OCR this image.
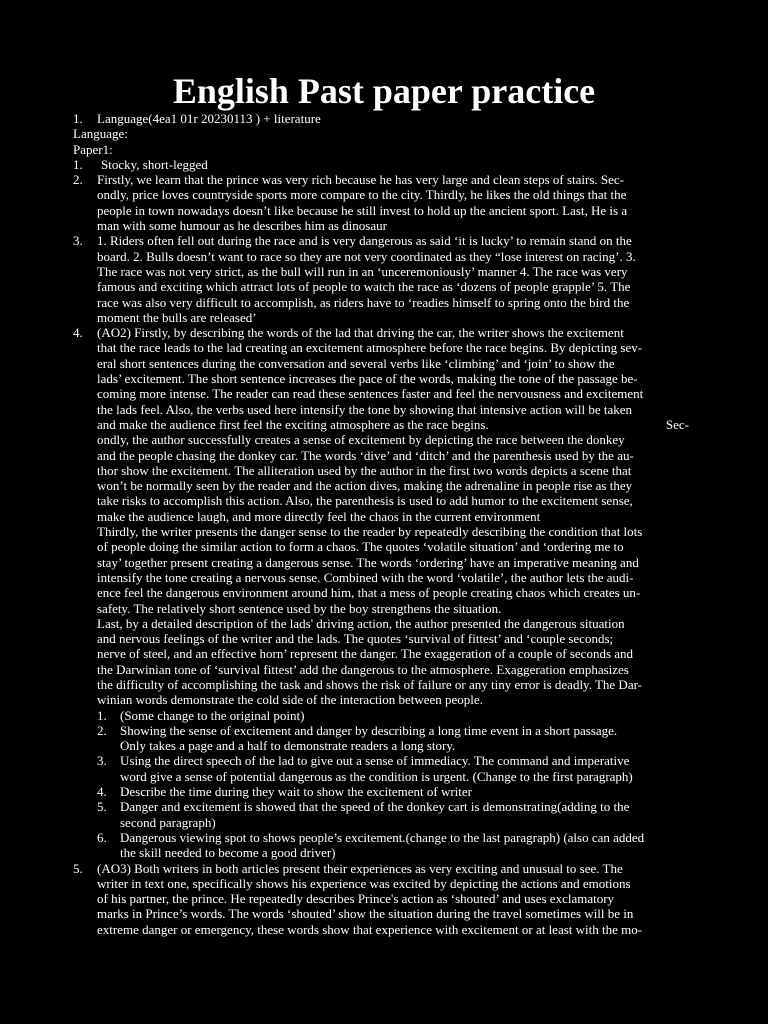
English Past paper practice
1.	Language(4ea1 01r 20230113 ) + literature
Language:
Paper1:
1.	Stocky, short-legged
2.	Firstly, we learn that the prince was very rich because he has very large and clean steps of stairs. Sec-
ondly, price loves countryside sports more compare to the city. Thirdly, he likes the old things that the
people in town nowadays doesn’t like because he still invest to hold up the ancient sport. Last, He is a
man with some humour as he describes him as dinosaur
3.	1. Riders often fell out during the race and is very dangerous as said ‘it is lucky’ to remain stand on the
board. 2. Bulls doesn’t want to race so they are not very coordinated as they “lose interest on racing’. 3.
The race was not very strict, as the bull will run in an ‘unceremoniously’ manner 4. The race was very
famous and exciting which attract lots of people to watch the race as ‘dozens of people grapple’ 5. The
race was also very difficult to accomplish, as riders have to ‘readies himself to spring onto the bird the
moment the bulls are released’
4.	(AO2) Firstly, by describing the words of the lad that driving the car, the writer shows the excitement
that the race leads to the lad creating an excitement atmosphere before the race begins. By depicting sev-
eral short sentences during the conversation and several verbs like ‘climbing’ and ‘join’ to show the
lads’ excitement. The short sentence increases the pace of the words, making the tone of the passage be-
coming more intense. The reader can read these sentences faster and feel the nervousness and excitement
the lads feel. Also, the verbs used here intensify the tone by showing that intensive action will be taken
and make the audience first feel the exciting atmosphere as the race begins.	Sec-
ondly, the author successfully creates a sense of excitement by depicting the race between the donkey
and the people chasing the donkey car. The words ‘dive’ and ‘ditch’ and the parenthesis used by the au-
thor show the excitement. The alliteration used by the author in the first two words depicts a scene that
won’t be normally seen by the reader and the action dives, making the adrenaline in people rise as they
take risks to accomplish this action. Also, the parenthesis is used to add humor to the excitement sense,
make the audience laugh, and more directly feel the chaos in the current environment
Thirdly, the writer presents the danger sense to the reader by repeatedly describing the condition that lots
of people doing the similar action to form a chaos. The quotes ‘volatile situation’ and ‘ordering me to
stay’ together present creating a dangerous sense. The words ‘ordering’ have an imperative meaning and
intensify the tone creating a nervous sense. Combined with the word ‘volatile’, the author lets the audi-
ence feel the dangerous environment around him, that a mess of people creating chaos which creates un-
safety. The relatively short sentence used by the boy strengthens the situation.
Last, by a detailed description of the lads' driving action, the author presented the dangerous situation
and nervous feelings of the writer and the lads. The quotes ‘survival of fittest’ and ‘couple seconds;
nerve of steel, and an effective horn’ represent the danger. The exaggeration of a couple of seconds and
the Darwinian tone of ‘survival fittest’ add the dangerous to the atmosphere. Exaggeration emphasizes
the difficulty of accomplishing the task and shows the risk of failure or any tiny error is deadly. The Dar-
winian words demonstrate the cold side of the interaction between people.
1.	(Some change to the original point)
2.	Showing the sense of excitement and danger by describing a long time event in a short passage.
Only takes a page and a half to demonstrate readers a long story.
3.	Using the direct speech of the lad to give out a sense of immediacy. The command and imperative
word give a sense of potential dangerous as the condition is urgent. (Change to the first paragraph)
4.	Describe the time during they wait to show the excitement of writer
5.	Danger and excitement is showed that the speed of the donkey cart is demonstrating(adding to the
second paragraph)
6.	Dangerous viewing spot to shows people’s excitement.(change to the last paragraph) (also can added
the skill needed to become a good driver)
5.	(AO3) Both writers in both articles present their experiences as very exciting and unusual to see. The
writer in text one, specifically shows his experience was excited by depicting the actions and emotions
of his partner, the prince. He repeatedly describes Prince's action as ‘shouted’ and uses exclamatory
marks in Prince’s words. The words ‘shouted’ show the situation during the travel sometimes will be in
extreme danger or emergency, these words show that experience with excitement or at least with the mo-
